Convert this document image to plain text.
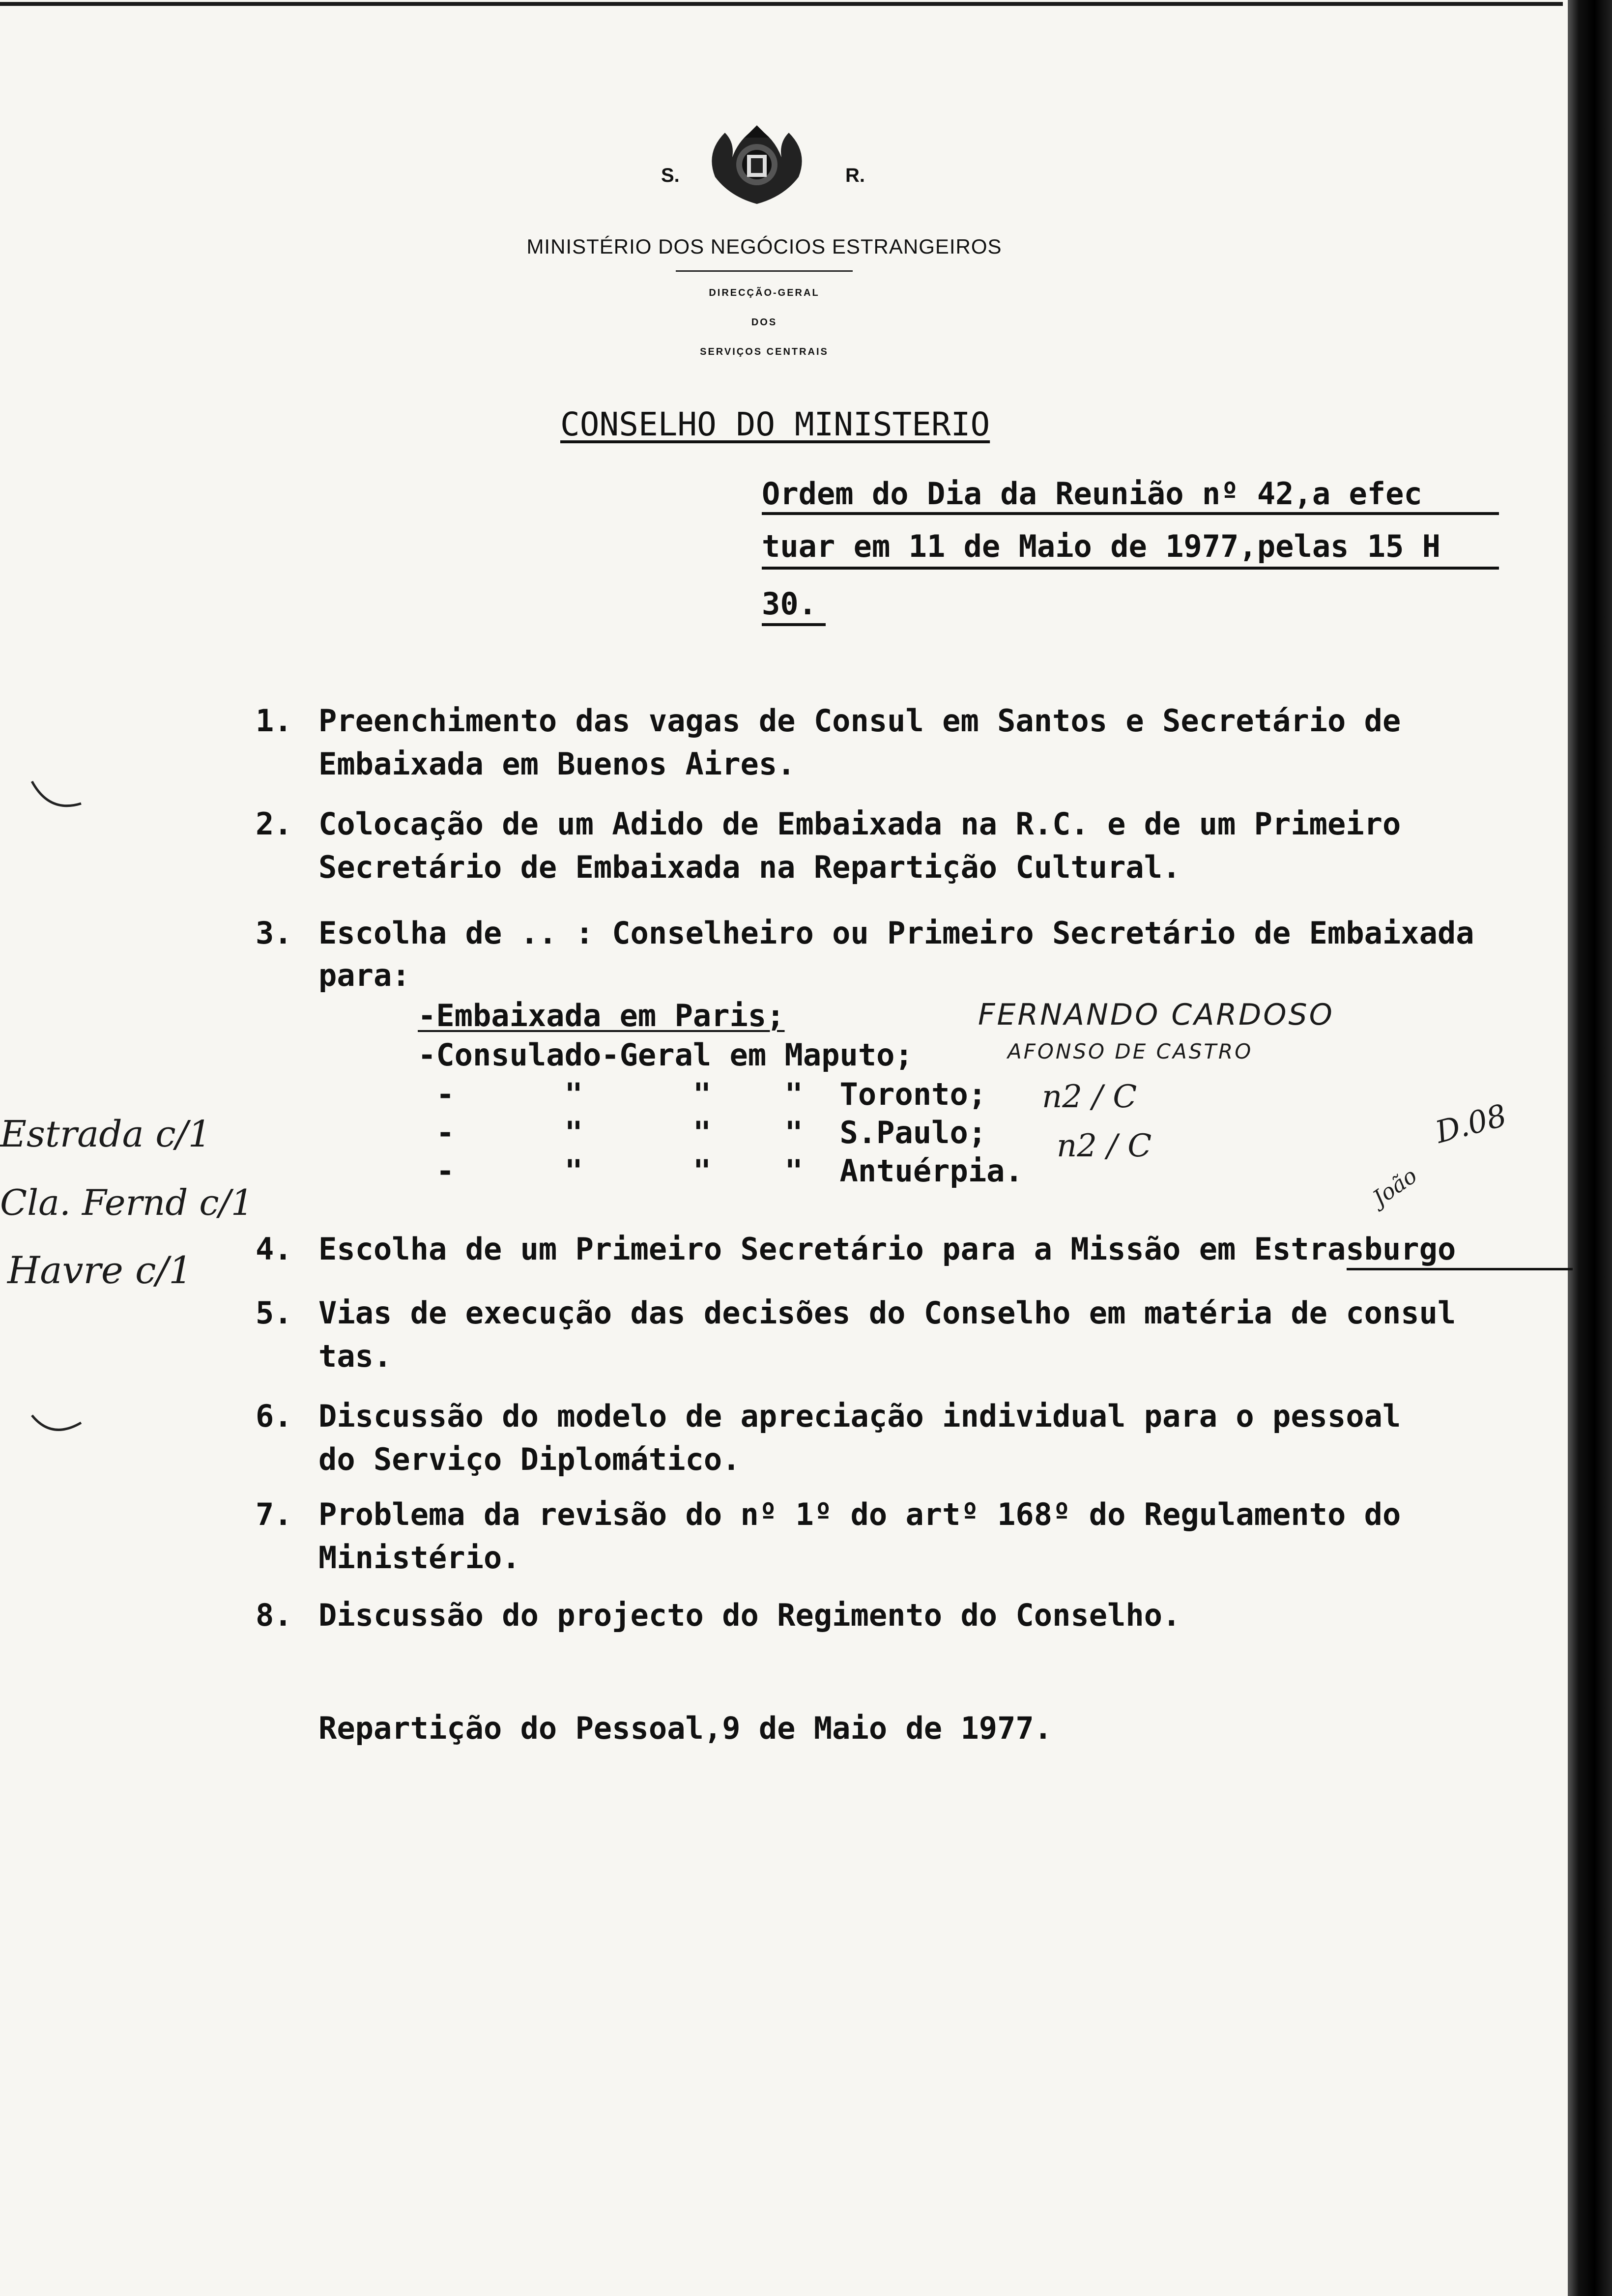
S.	R.
MINISTÉRIO DOS NEGÓCIOS ESTRANGEIROS
DIRECÇÃO-GERAL
DOS
SERVIÇOS CENTRAIS
CONSELHO DO MINISTERIO
Ordem do Dia da Reunião nº 42,a efec
tuar em 11 de Maio de 1977,pelas 15 H
30.
1. Preenchimento das vagas de Consul em Santos e Secretário de
Embaixada em Buenos Aires.
2. Colocação de um Adido de Embaixada na R.C. e de um Primeiro
Secretário de Embaixada na Repartição Cultural.
3. Escolha de .. : Conselheiro ou Primeiro Secretário de Embaixada
para:
-Embaixada em Paris;
-Consulado-Geral em Maputo;
-      "      "    "  Toronto;
-      "      "    "  S.Paulo;
-      "      "    "  Antuérpia.
FERNANDO CARDOSO
AFONSO DE CASTRO
n2 / C
n2 / C	D.08
João
Estrada c/1
Cla. Fernd c/1
Havre c/1 4. Escolha de um Primeiro Secretário para a Missão em Estrasburgo
5. Vias de execução das decisões do Conselho em matéria de consul
tas.
6. Discussão do modelo de apreciação individual para o pessoal
do Serviço Diplomático.
7. Problema da revisão do nº 1º do artº 168º do Regulamento do
Ministério.
8. Discussão do projecto do Regimento do Conselho.
Repartição do Pessoal,9 de Maio de 1977.
